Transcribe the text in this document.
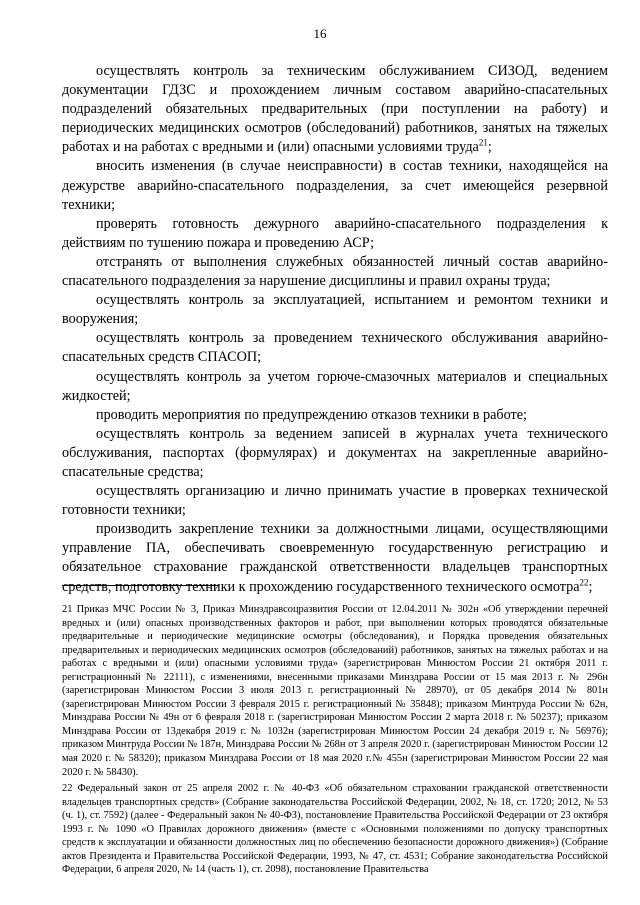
16

осуществлять контроль за техническим обслуживанием СИЗОД, ведением документации ГДЗС и прохождением личным составом аварийно-спасательных подразделений обязательных предварительных (при поступлении на работу) и периодических медицинских осмотров (обследований) работников, занятых на тяжелых работах и на работах с вредными и (или) опасными условиями труда$^{21}$;

вносить изменения (в случае неисправности) в состав техники, находящейся на дежурстве аварийно-спасательного подразделения, за счет имеющейся резервной техники;

проверять готовность дежурного аварийно-спасательного подразделения к действиям по тушению пожара и проведению АСР;

отстранять от выполнения служебных обязанностей личный состав аварийно-спасательного подразделения за нарушение дисциплины и правил охраны труда;

осуществлять контроль за эксплуатацией, испытанием и ремонтом техники и вооружения;

осуществлять контроль за проведением технического обслуживания аварийно-спасательных средств СПАСОП;

осуществлять контроль за учетом горюче-смазочных материалов и специальных жидкостей;

проводить мероприятия по предупреждению отказов техники в работе;

осуществлять контроль за ведением записей в журналах учета технического обслуживания, паспортах (формулярах) и документах на закрепленные аварийно-спасательные средства;

осуществлять организацию и лично принимать участие в проверках технической готовности техники;

производить закрепление техники за должностными лицами, осуществляющими управление ПА, обеспечивать своевременную государственную регистрацию и обязательное страхование гражданской ответственности владельцев транспортных средств, подготовку техники к прохождению государственного технического осмотра$^{22}$;

21 Приказ МЧС России № 3, Приказ Минздравсоцразвития России от 12.04.2011 № 302н «Об утверждении перечней вредных и (или) опасных производственных факторов и работ, при выполнении которых проводятся обязательные предварительные и периодические медицинские осмотры (обследования), и Порядка проведения обязательных предварительных и периодических медицинских осмотров (обследований) работников, занятых на тяжелых работах и на работах с вредными и (или) опасными условиями труда» (зарегистрирован Минюстом России 21 октября 2011 г. регистрационный № 22111), с изменениями, внесенными приказами Минздрава России от 15 мая 2013 г. № 296н (зарегистрирован Минюстом России 3 июля 2013 г. регистрационный № 28970), от 05 декабря 2014 № 801н (зарегистрирован Минюстом России 3 февраля 2015 г. регистрационный № 35848); приказом Минтруда России № 62н, Минздрава России № 49н от 6 февраля 2018 г. (зарегистрирован Минюстом России 2 марта 2018 г. № 50237); приказом Минздрава России от 13декабря 2019 г. № 1032н (зарегистрирован Минюстом России 24 декабря 2019 г. № 56976); приказом Минтруда России № 187н, Минздрава России № 268н от 3 апреля 2020 г. (зарегистрирован Минюстом России 12 мая 2020 г. № 58320); приказом Минздрава России от 18 мая 2020 г.№ 455н (зарегистрирован Минюстом России 22 мая 2020 г. № 58430).

22 Федеральный закон от 25 апреля 2002 г. № 40-ФЗ «Об обязательном страховании гражданской ответственности владельцев транспортных средств» (Собрание законодательства Российской Федерации, 2002, № 18, ст. 1720; 2012, № 53 (ч. 1), ст. 7592) (далее - Федеральный закон № 40-ФЗ), постановление Правительства Российской Федерации от 23 октября 1993 г. № 1090 «О Правилах дорожного движения» (вместе с «Основными положениями по допуску транспортных средств к эксплуатации и обязанности должностных лиц по обеспечению безопасности дорожного движения») (Собрание актов Президента и Правительства Российской Федерации, 1993, № 47, ст. 4531; Собрание законодательства Российской Федерации, 6 апреля 2020, № 14 (часть 1), ст. 2098), постановление Правительства
